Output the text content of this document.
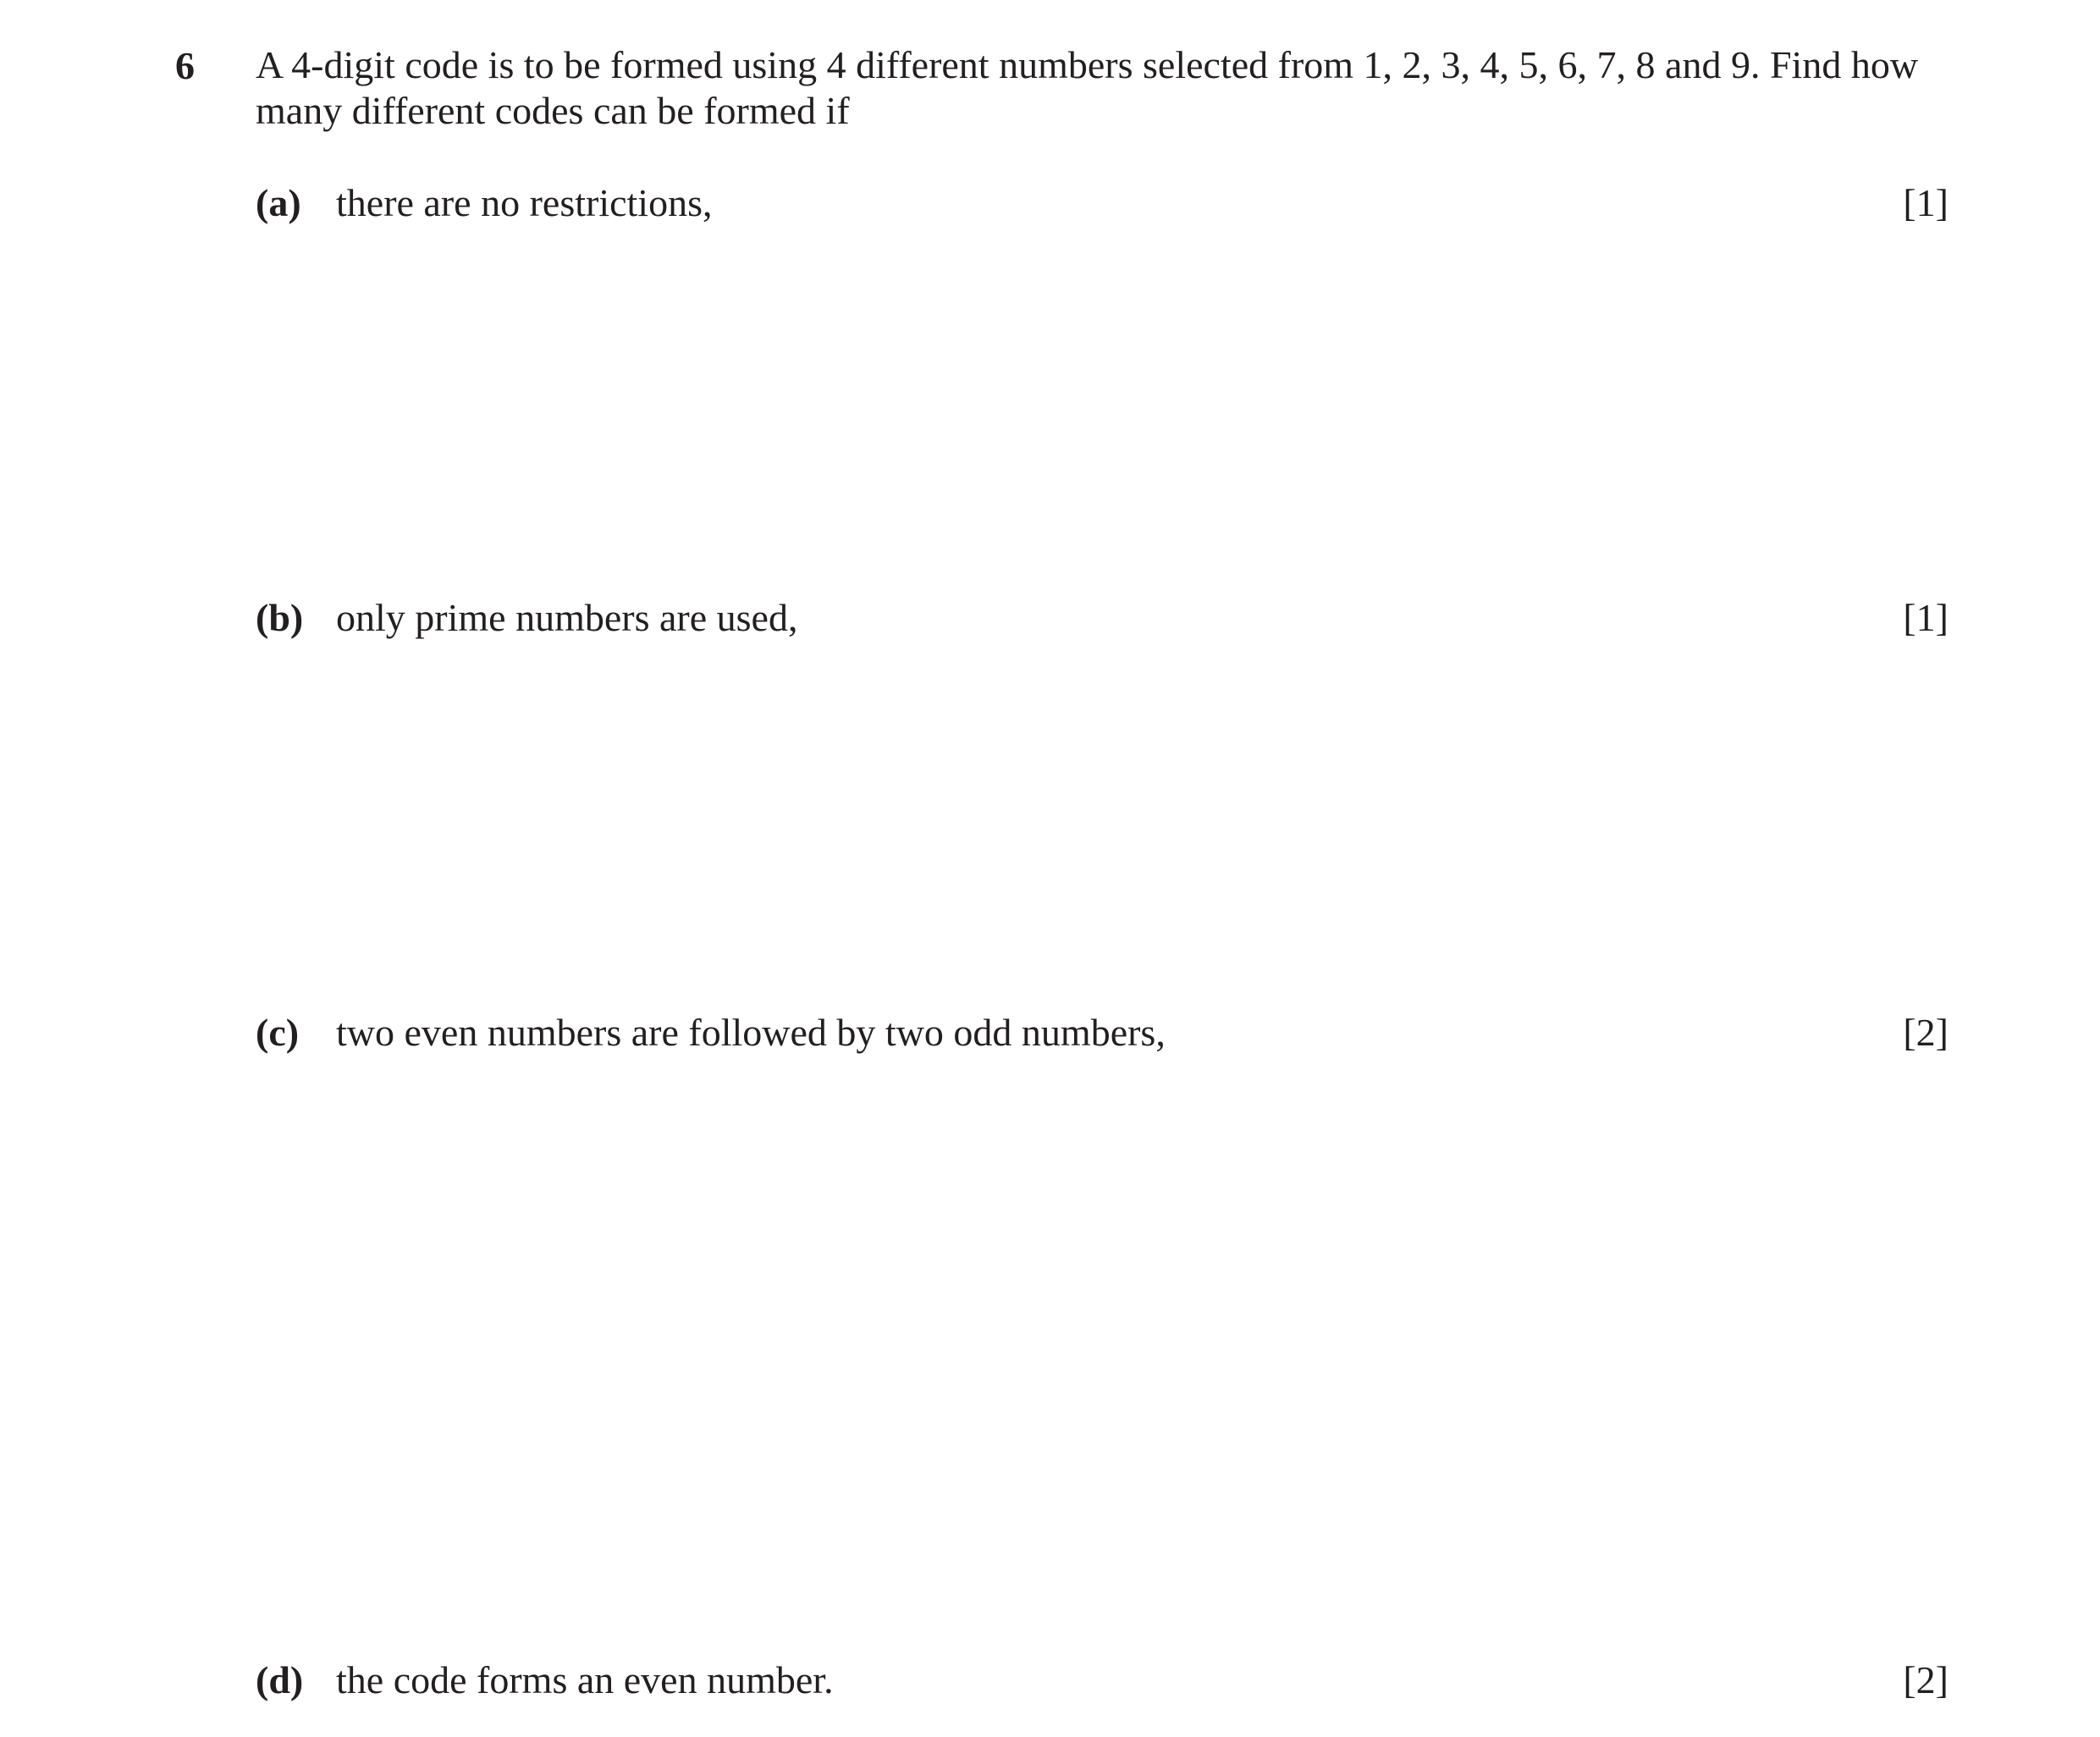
6 A 4-digit code is to be formed using 4 different numbers selected from 1, 2, 3, 4, 5, 6, 7, 8 and 9. Find how many different codes can be formed if

(a) there are no restrictions,	[1]
(b) only prime numbers are used,	[1]
(c) two even numbers are followed by two odd numbers,	[2]
(d) the code forms an even number.	[2]
